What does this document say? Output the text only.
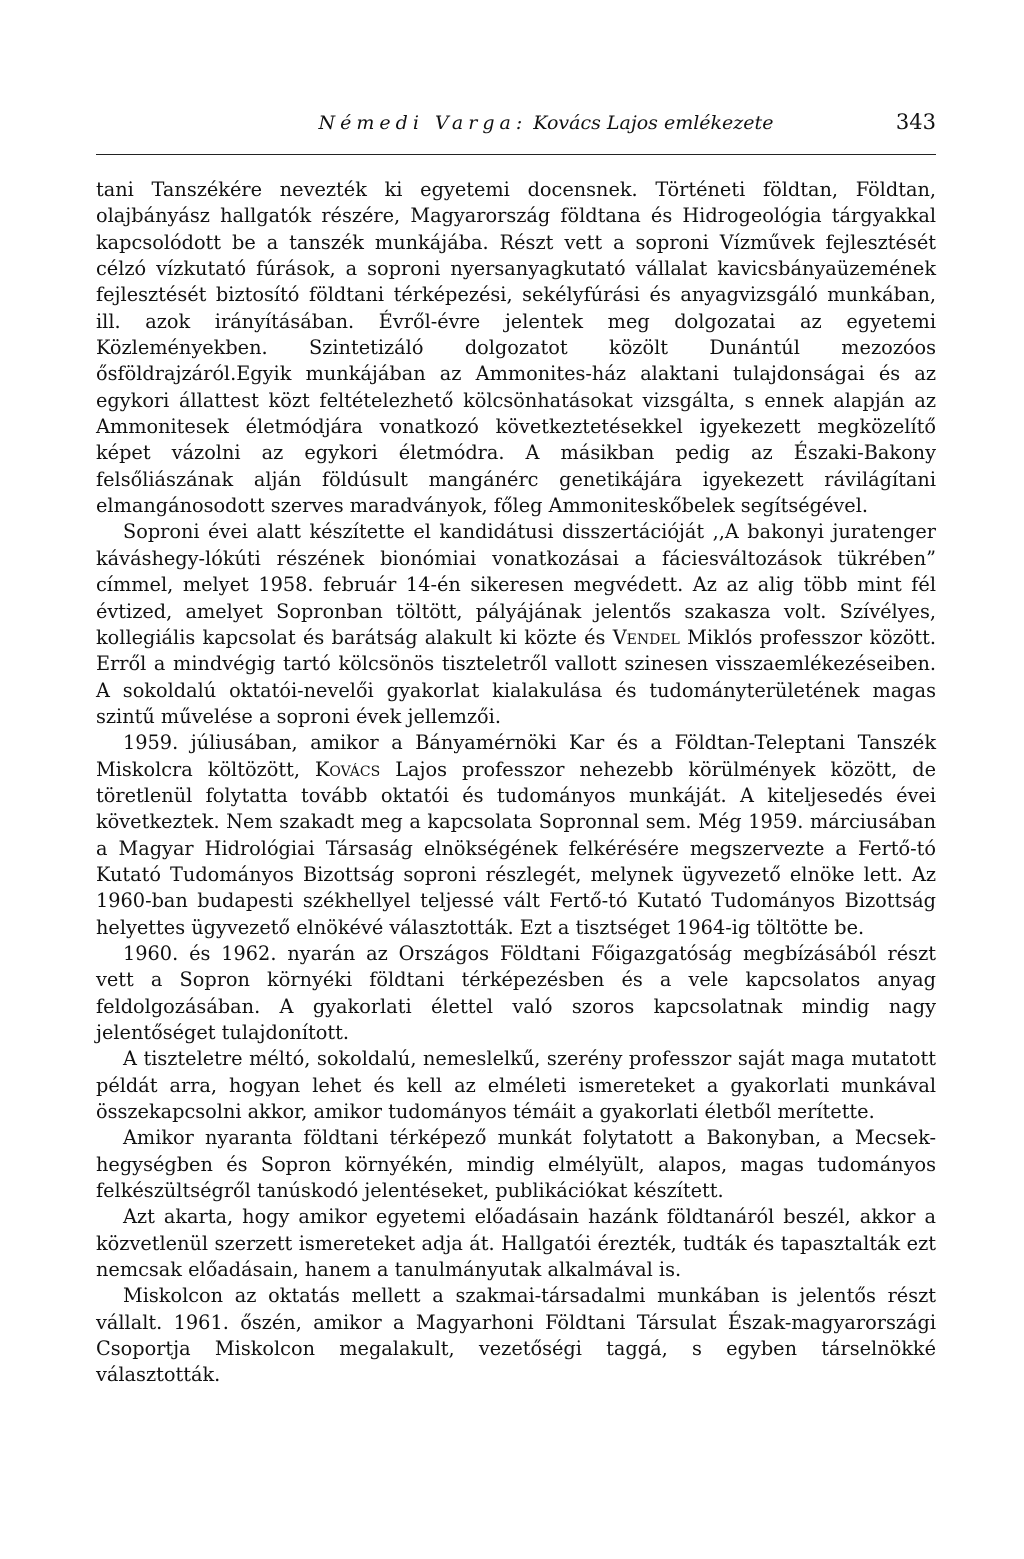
Némedi Varga: Kovács Lajos emlékezete	343

tani Tanszékére nevezték ki egyetemi docensnek. Történeti földtan, Földtan, olajbányász hallgatók részére, Magyarország földtana és Hidrogeológia tárgyakkal kapcsolódott be a tanszék munkájába. Részt vett a soproni Vízművek fejlesztését célzó vízkutató fúrások, a soproni nyersanyagkutató vállalat kavicsbányaüzemének fejlesztését biztosító földtani térképezési, sekélyfúrási és anyagvizsgáló munkában, ill. azok irányításában. Évről-évre jelentek meg dolgozatai az egyetemi Közleményekben. Szintetizáló dolgozatot közölt Dunántúl mezozóos ősföldrajzáról.Egyik munkájában az Ammonites-ház alaktani tulajdonságai és az egykori állattest közt feltételezhető kölcsönhatásokat vizsgálta, s ennek alapján az Ammonitesek életmódjára vonatkozó következtetésekkel igyekezett megközelítő képet vázolni az egykori életmódra. A másikban pedig az Északi-Bakony felsőliászának alján földúsult mangánérc genetikájára igyekezett rávilágítani elmangánosodott szerves maradványok, főleg Ammoniteskőbelek segítségével.

Soproni évei alatt készítette el kandidátusi disszertációját ,,A bakonyi juratenger káváshegy-lókúti részének bionómiai vonatkozásai a fáciesváltozások tükrében” címmel, melyet 1958. február 14-én sikeresen megvédett. Az az alig több mint fél évtized, amelyet Sopronban töltött, pályájának jelentős szakasza volt. Szívélyes, kollegiális kapcsolat és barátság alakult ki közte és Vendel Miklós professzor között. Erről a mindvégig tartó kölcsönös tiszteletről vallott szinesen visszaemlékezéseiben. A sokoldalú oktatói-nevelői gyakorlat kialakulása és tudományterületének magas szintű művelése a soproni évek jellemzői.

1959. júliusában, amikor a Bányamérnöki Kar és a Földtan-Teleptani Tanszék Miskolcra költözött, Kovács Lajos professzor nehezebb körülmények között, de töretlenül folytatta tovább oktatói és tudományos munkáját. A kiteljesedés évei következtek. Nem szakadt meg a kapcsolata Sopronnal sem. Még 1959. márciusában a Magyar Hidrológiai Társaság elnökségének felkérésére megszervezte a Fertő-tó Kutató Tudományos Bizottság soproni részlegét, melynek ügyvezető elnöke lett. Az 1960-ban budapesti székhellyel teljessé vált Fertő-tó Kutató Tudományos Bizottság helyettes ügyvezető elnökévé választották. Ezt a tisztséget 1964-ig töltötte be.

1960. és 1962. nyarán az Országos Földtani Főigazgatóság megbízásából részt vett a Sopron környéki földtani térképezésben és a vele kapcsolatos anyag feldolgozásában. A gyakorlati élettel való szoros kapcsolatnak mindig nagy jelentőséget tulajdonított.

A tiszteletre méltó, sokoldalú, nemeslelkű, szerény professzor saját maga mutatott példát arra, hogyan lehet és kell az elméleti ismereteket a gyakorlati munkával összekapcsolni akkor, amikor tudományos témáit a gyakorlati életből merítette.

Amikor nyaranta földtani térképező munkát folytatott a Bakonyban, a Mecsek-hegységben és Sopron környékén, mindig elmélyült, alapos, magas tudományos felkészültségről tanúskodó jelentéseket, publikációkat készített.

Azt akarta, hogy amikor egyetemi előadásain hazánk földtanáról beszél, akkor a közvetlenül szerzett ismereteket adja át. Hallgatói érezték, tudták és tapasztalták ezt nemcsak előadásain, hanem a tanulmányutak alkalmával is.

Miskolcon az oktatás mellett a szakmai-társadalmi munkában is jelentős részt vállalt. 1961. őszén, amikor a Magyarhoni Földtani Társulat Észak-magyarországi Csoportja Miskolcon megalakult, vezetőségi taggá, s egyben társelnökké választották.
